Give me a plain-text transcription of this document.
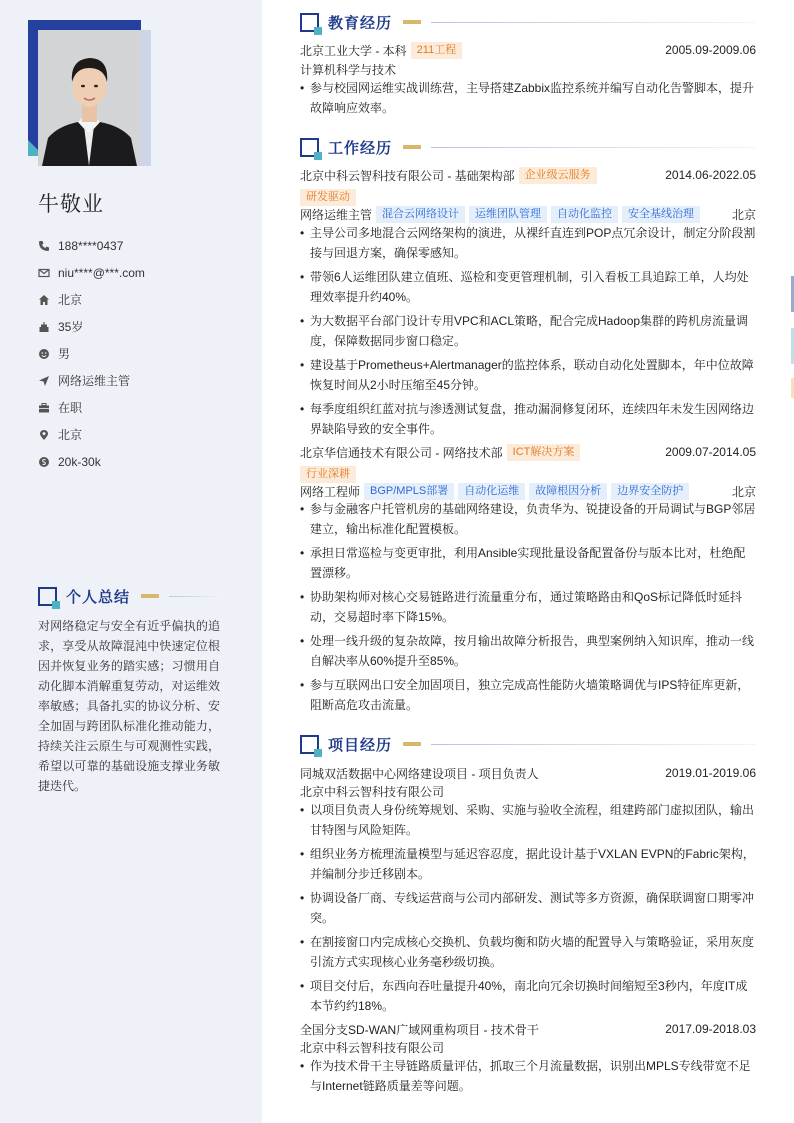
牛敬业
188****0437
niu****@***.com
北京
35岁
男
网络运维主管
在职
北京
20k-30k
个人总结
对网络稳定与安全有近乎偏执的追求，享受从故障混沌中快速定位根因并恢复业务的踏实感；习惯用自动化脚本消解重复劳动，对运维效率敏感；具备扎实的协议分析、安全加固与跨团队标准化推动能力，持续关注云原生与可观测性实践，希望以可靠的基础设施支撑业务敏捷迭代。
教育经历
北京工业大学 - 本科 211工程	2005.09-2009.06
计算机科学与技术
• 参与校园网运维实战训练营，主导搭建Zabbix监控系统并编写自动化告警脚本，提升故障响应效率。
工作经历
北京中科云智科技有限公司 - 基础架构部 企业级云服务	2014.06-2022.05
研发驱动
网络运维主管 混合云网络设计	运维团队管理	自动化监控	安全基线治理	北京
• 主导公司多地混合云网络架构的演进，从裸纤直连到POP点冗余设计，制定分阶段割接与回退方案，确保零感知。
• 带领6人运维团队建立值班、巡检和变更管理机制，引入看板工具追踪工单，人均处理效率提升约40%。
• 为大数据平台部门设计专用VPC和ACL策略，配合完成Hadoop集群的跨机房流量调度，保障数据同步窗口稳定。
• 建设基于Prometheus+Alertmanager的监控体系，联动自动化处置脚本，年中位故障恢复时间从2小时压缩至45分钟。
• 每季度组织红蓝对抗与渗透测试复盘，推动漏洞修复闭环，连续四年未发生因网络边界缺陷导致的安全事件。
北京华信通技术有限公司 - 网络技术部 ICT解决方案	2009.07-2014.05
行业深耕
网络工程师 BGP/MPLS部署	自动化运维	故障根因分析	边界安全防护	北京
• 参与金融客户托管机房的基础网络建设，负责华为、锐捷设备的开局调试与BGP邻居建立，输出标准化配置模板。
• 承担日常巡检与变更审批，利用Ansible实现批量设备配置备份与版本比对，杜绝配置漂移。
• 协助架构师对核心交易链路进行流量重分布，通过策略路由和QoS标记降低时延抖动，交易超时率下降15%。
• 处理一线升级的复杂故障，按月输出故障分析报告，典型案例纳入知识库，推动一线自解决率从60%提升至85%。
• 参与互联网出口安全加固项目，独立完成高性能防火墙策略调优与IPS特征库更新，阻断高危攻击流量。
项目经历
同城双活数据中心网络建设项目 - 项目负责人	2019.01-2019.06
北京中科云智科技有限公司
• 以项目负责人身份统筹规划、采购、实施与验收全流程，组建跨部门虚拟团队，输出甘特图与风险矩阵。
• 组织业务方梳理流量模型与延迟容忍度，据此设计基于VXLAN EVPN的Fabric架构，并编制分步迁移剧本。
• 协调设备厂商、专线运营商与公司内部研发、测试等多方资源，确保联调窗口期零冲突。
• 在割接窗口内完成核心交换机、负载均衡和防火墙的配置导入与策略验证，采用灰度引流方式实现核心业务毫秒级切换。
• 项目交付后，东西向吞吐量提升40%，南北向冗余切换时间缩短至3秒内，年度IT成本节约约18%。
全国分支SD-WAN广域网重构项目 - 技术骨干	2017.09-2018.03
北京中科云智科技有限公司
• 作为技术骨干主导链路质量评估，抓取三个月流量数据，识别出MPLS专线带宽不足与Internet链路质量差等问题。
